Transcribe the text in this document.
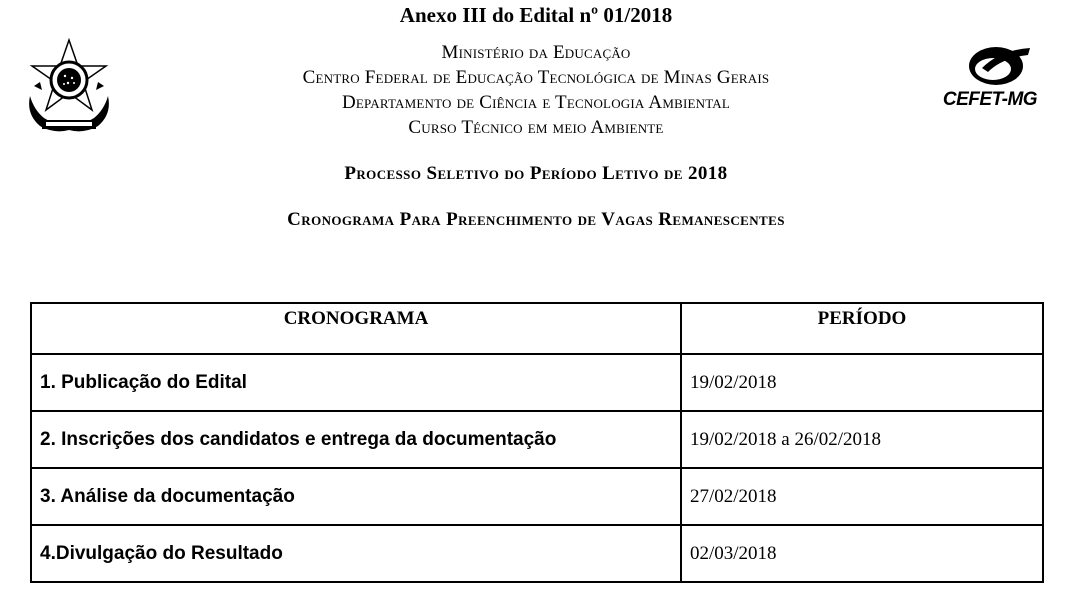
Anexo III do Edital nº 01/2018
CEFET-MG
Ministério da Educação
Centro Federal de Educação Tecnológica de Minas Gerais
Departamento de Ciência e Tecnologia Ambiental
Curso Técnico em meio Ambiente
Processo Seletivo do Período Letivo de 2018
Cronograma Para Preenchimento de Vagas Remanescentes
CRONOGRAMA	PERÍODO
1. Publicação do Edital	19/02/2018
2. Inscrições dos candidatos e entrega da documentação	19/02/2018 a 26/02/2018
3. Análise da documentação	27/02/2018
4.Divulgação do Resultado	02/03/2018
